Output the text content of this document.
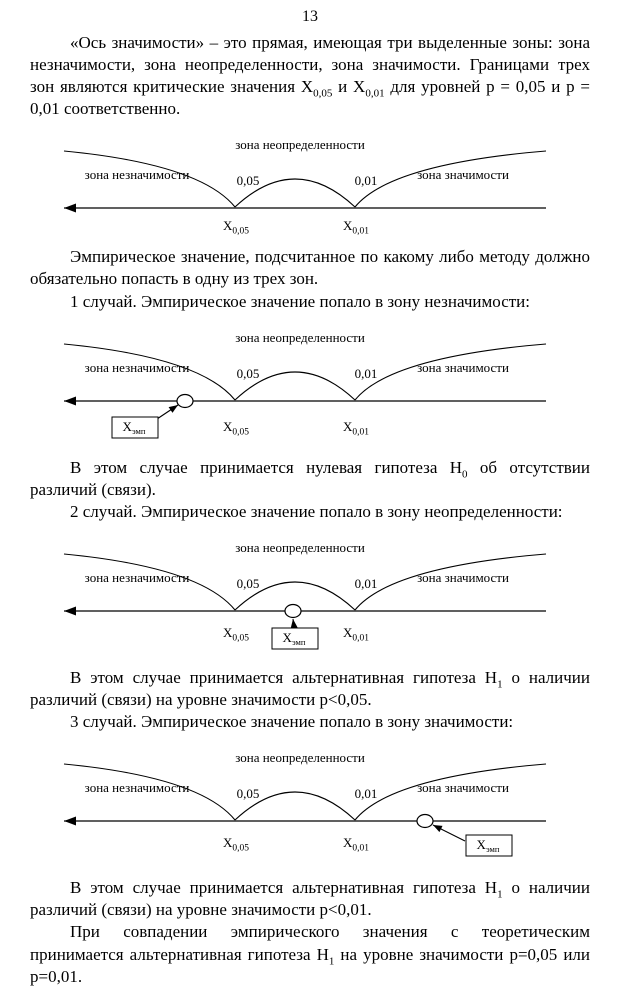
13

«Ось значимости» – это прямая, имеющая три выделенные зоны: зона незначимости, зона неопределенности, зона значимости. Границами трех зон являются критические значения $X_{0,05}$ и $X_{0,01}$ для уровней p = 0,05 и p = 0,01 соответственно.

зона неопределенности
зона незначимости	0,05	0,01	зона значимости
$X_{0,05}$	$X_{0,01}$

Эмпирическое значение, подсчитанное по какому либо методу должно обязательно попасть в одну из трех зон.

1 случай. Эмпирическое значение попало в зону незначимости:

зона неопределенности
зона незначимости	0,05	0,01	зона значимости
$X_{эмп}$	$X_{0,05}$	$X_{0,01}$

В этом случае принимается нулевая гипотеза $H_0$ об отсутствии различий (связи).

2 случай. Эмпирическое значение попало в зону неопределенности:

зона неопределенности
зона незначимости	0,05	0,01	зона значимости
$X_{эмп}$
$X_{0,05}$	$X_{0,01}$

В этом случае принимается альтернативная гипотеза $H_1$ о наличии различий (связи) на уровне значимости p<0,05.

3 случай. Эмпирическое значение попало в зону значимости:

зона неопределенности
зона незначимости	0,05	0,01	зона значимости
$X_{эмп}$
$X_{0,05}$	$X_{0,01}$

В этом случае принимается альтернативная гипотеза $H_1$ о наличии различий (связи) на уровне значимости p<0,01.

При совпадении эмпирического значения с теоретическим принимается альтернативная гипотеза $H_1$ на уровне значимости p=0,05 или p=0,01.
